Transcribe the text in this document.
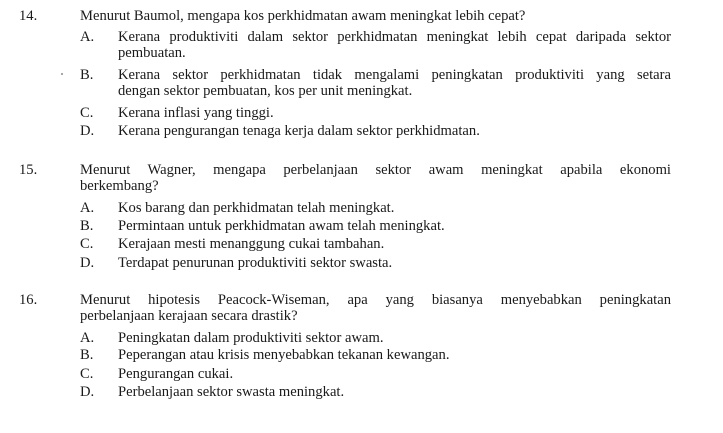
14.	Menurut Baumol, mengapa kos perkhidmatan awam meningkat lebih cepat?
A. Kerana produktiviti dalam sektor perkhidmatan meningkat lebih cepat daripada sektor
pembuatan.
B. Kerana sektor perkhidmatan tidak mengalami peningkatan produktiviti yang setara
dengan sektor pembuatan, kos per unit meningkat.
C. Kerana inflasi yang tinggi.
D. Kerana pengurangan tenaga kerja dalam sektor perkhidmatan.
15.	Menurut Wagner, mengapa perbelanjaan sektor awam meningkat apabila ekonomi
berkembang?
A. Kos barang dan perkhidmatan telah meningkat.
B. Permintaan untuk perkhidmatan awam telah meningkat.
C. Kerajaan mesti menanggung cukai tambahan.
D. Terdapat penurunan produktiviti sektor swasta.
16.	Menurut hipotesis Peacock-Wiseman, apa yang biasanya menyebabkan peningkatan
perbelanjaan kerajaan secara drastik?
A. Peningkatan dalam produktiviti sektor awam.
B. Peperangan atau krisis menyebabkan tekanan kewangan.
C. Pengurangan cukai.
D. Perbelanjaan sektor swasta meningkat.
